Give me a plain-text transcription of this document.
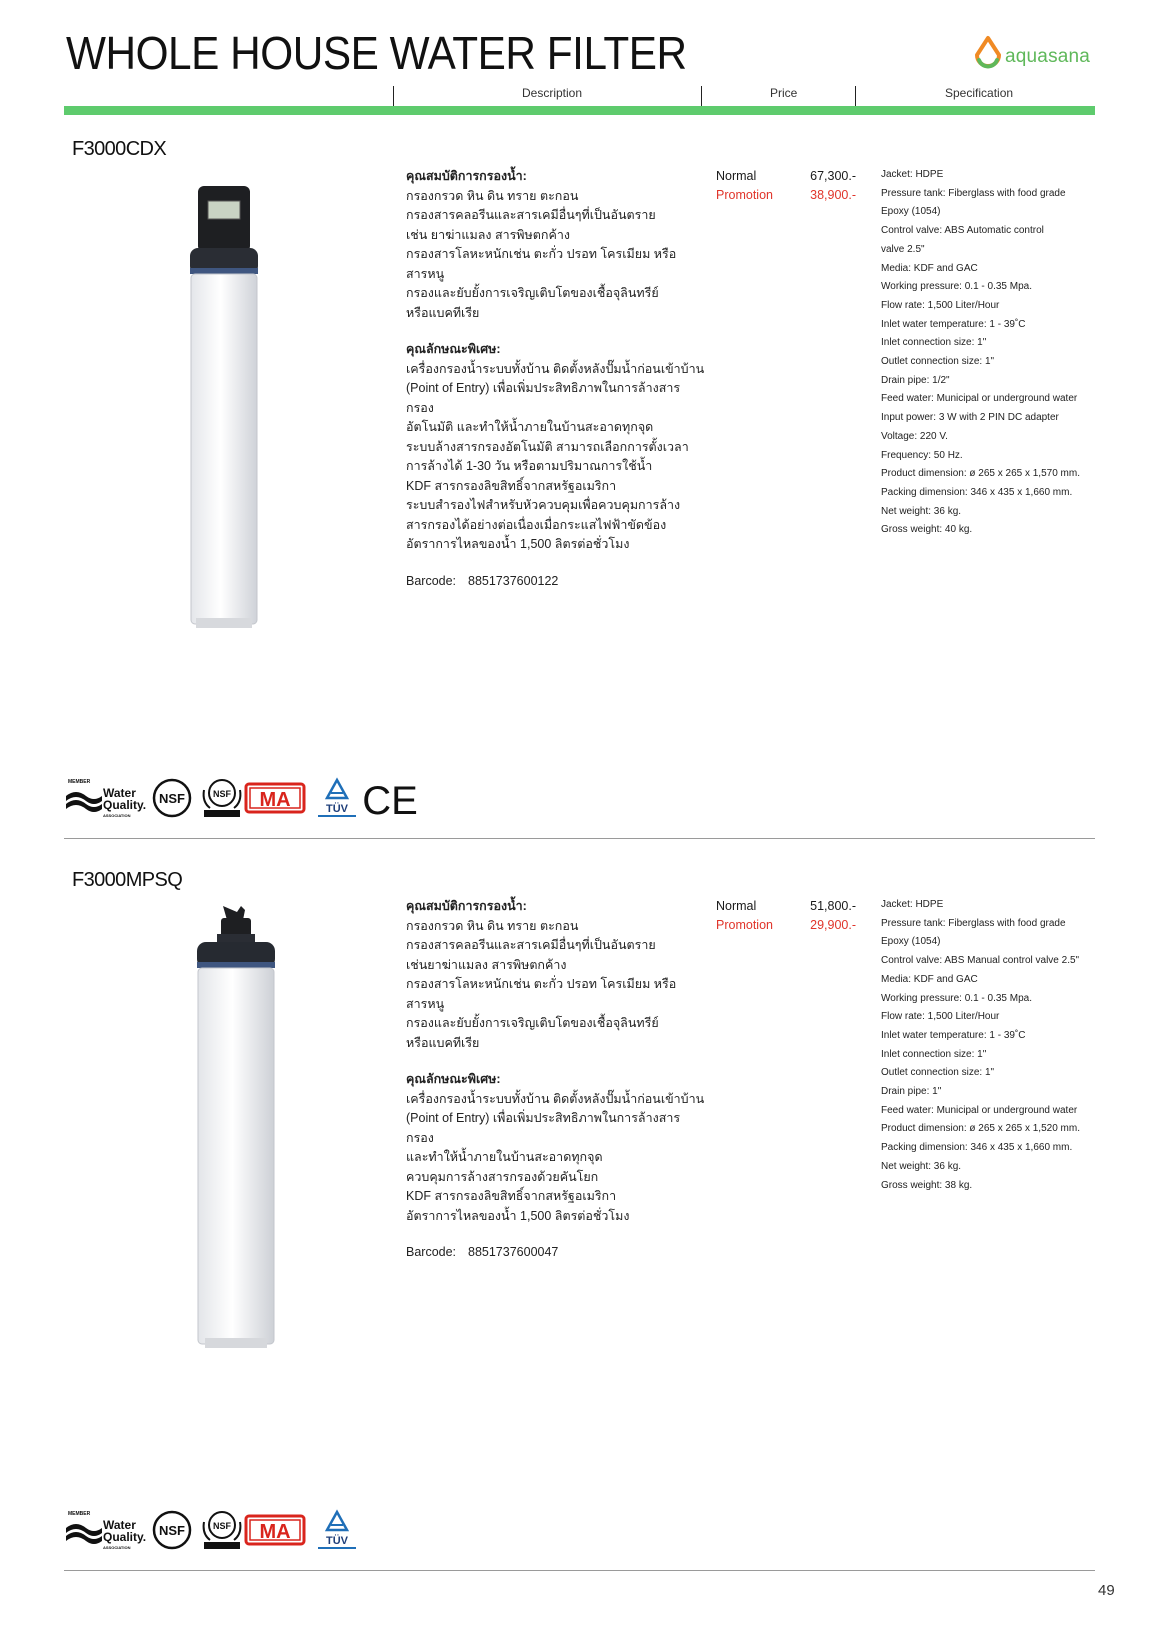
WHOLE HOUSE WATER FILTER	aquasana
Description	Price	Specification
F3000CDX
คุณสมบัติการกรองน้ำ:
กรองกรวด หิน ดิน ทราย ตะกอน
กรองสารคลอรีนและสารเคมีอื่นๆที่เป็นอันตราย
เช่น ยาฆ่าแมลง สารพิษตกค้าง
กรองสารโลหะหนักเช่น ตะกั่ว ปรอท โครเมียม หรือสารหนู
กรองและยับยั้งการเจริญเติบโตของเชื้อจุลินทรีย์
หรือแบคทีเรีย
คุณลักษณะพิเศษ:
เครื่องกรองน้ำระบบทั้งบ้าน ติดตั้งหลังปั๊มน้ำก่อนเข้าบ้าน
(Point of Entry) เพื่อเพิ่มประสิทธิภาพในการล้างสารกรอง
อัตโนมัติ และทำให้น้ำภายในบ้านสะอาดทุกจุด
ระบบล้างสารกรองอัตโนมัติ สามารถเลือกการตั้งเวลา
การล้างได้ 1-30 วัน หรือตามปริมาณการใช้น้ำ
KDF สารกรองลิขสิทธิ์จากสหรัฐอเมริกา
ระบบสำรองไฟสำหรับหัวควบคุมเพื่อควบคุมการล้าง
สารกรองได้อย่างต่อเนื่องเมื่อกระแสไฟฟ้าขัดข้อง
อัตราการไหลของน้ำ 1,500 ลิตรต่อชั่วโมง
Barcode: 8851737600122
Normal	67,300.-
Promotion	38,900.-
Jacket: HDPE
Pressure tank: Fiberglass with food grade
Epoxy (1054)
Control valve: ABS Automatic control
valve 2.5"
Media: KDF and GAC
Working pressure: 0.1 - 0.35 Mpa.
Flow rate: 1,500 Liter/Hour
Inlet water temperature: 1 - 39˚C
Inlet connection size: 1"
Outlet connection size: 1"
Drain pipe: 1/2"
Feed water: Municipal or underground water
Input power: 3 W with 2 PIN DC adapter
Voltage: 220 V.
Frequency: 50 Hz.
Product dimension: ø 265 x 265 x 1,570 mm.
Packing dimension: 346 x 435 x 1,660 mm.
Net weight: 36 kg.
Gross weight: 40 kg.
MEMBER
Water
Quality.
ASSOCIATION
NSF	NSF MA	TÜV CE
F3000MPSQ
คุณสมบัติการกรองน้ำ:
กรองกรวด หิน ดิน ทราย ตะกอน
กรองสารคลอรีนและสารเคมีอื่นๆที่เป็นอันตราย
เช่นยาฆ่าแมลง สารพิษตกค้าง
กรองสารโลหะหนักเช่น ตะกั่ว ปรอท โครเมียม หรือสารหนู
กรองและยับยั้งการเจริญเติบโตของเชื้อจุลินทรีย์
หรือแบคทีเรีย
คุณลักษณะพิเศษ:
เครื่องกรองน้ำระบบทั้งบ้าน ติดตั้งหลังปั๊มน้ำก่อนเข้าบ้าน
(Point of Entry) เพื่อเพิ่มประสิทธิภาพในการล้างสารกรอง
และทำให้น้ำภายในบ้านสะอาดทุกจุด
ควบคุมการล้างสารกรองด้วยคันโยก
KDF สารกรองลิขสิทธิ์จากสหรัฐอเมริกา
อัตราการไหลของน้ำ 1,500 ลิตรต่อชั่วโมง
Barcode: 8851737600047
Normal	51,800.-
Promotion	29,900.-
Jacket: HDPE
Pressure tank: Fiberglass with food grade
Epoxy (1054)
Control valve: ABS Manual control valve 2.5"
Media: KDF and GAC
Working pressure: 0.1 - 0.35 Mpa.
Flow rate: 1,500 Liter/Hour
Inlet water temperature: 1 - 39˚C
Inlet connection size: 1"
Outlet connection size: 1"
Drain pipe: 1"
Feed water: Municipal or underground water
Product dimension: ø 265 x 265 x 1,520 mm.
Packing dimension: 346 x 435 x 1,660 mm.
Net weight: 36 kg.
Gross weight: 38 kg.
MEMBER
Water
Quality.
ASSOCIATION
NSF	NSF MA	TÜV
49
